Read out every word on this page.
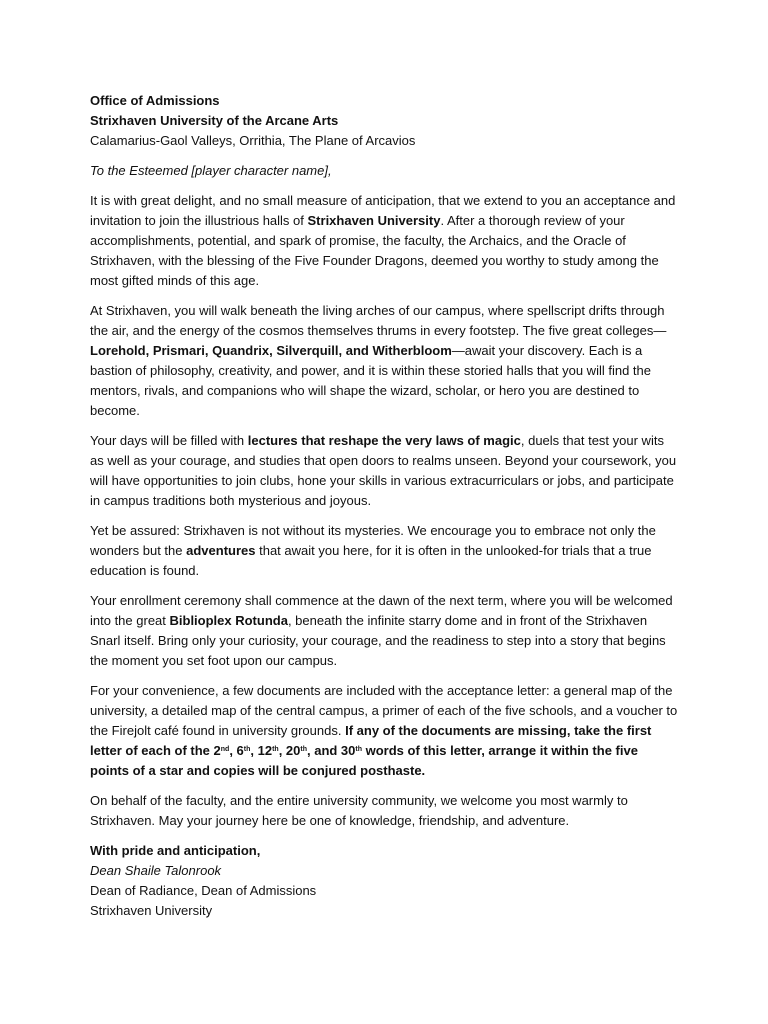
Office of Admissions
Strixhaven University of the Arcane Arts
Calamarius-Gaol Valleys, Orrithia, The Plane of Arcavios

To the Esteemed [player character name],

It is with great delight, and no small measure of anticipation, that we extend to you an acceptance and invitation to join the illustrious halls of Strixhaven University. After a thorough review of your accomplishments, potential, and spark of promise, the faculty, the Archaics, and the Oracle of Strixhaven, with the blessing of the Five Founder Dragons, deemed you worthy to study among the most gifted minds of this age.

At Strixhaven, you will walk beneath the living arches of our campus, where spellscript drifts through the air, and the energy of the cosmos themselves thrums in every footstep. The five great colleges—Lorehold, Prismari, Quandrix, Silverquill, and Witherbloom—await your discovery. Each is a bastion of philosophy, creativity, and power, and it is within these storied halls that you will find the mentors, rivals, and companions who will shape the wizard, scholar, or hero you are destined to become.

Your days will be filled with lectures that reshape the very laws of magic, duels that test your wits as well as your courage, and studies that open doors to realms unseen. Beyond your coursework, you will have opportunities to join clubs, hone your skills in various extracurriculars or jobs, and participate in campus traditions both mysterious and joyous.

Yet be assured: Strixhaven is not without its mysteries. We encourage you to embrace not only the wonders but the adventures that await you here, for it is often in the unlooked-for trials that a true education is found.

Your enrollment ceremony shall commence at the dawn of the next term, where you will be welcomed into the great Biblioplex Rotunda, beneath the infinite starry dome and in front of the Strixhaven Snarl itself. Bring only your curiosity, your courage, and the readiness to step into a story that begins the moment you set foot upon our campus.

For your convenience, a few documents are included with the acceptance letter: a general map of the university, a detailed map of the central campus, a primer of each of the five schools, and a voucher to the Firejolt café found in university grounds. If any of the documents are missing, take the first letter of each of the 2nd, 6th, 12th, 20th, and 30th words of this letter, arrange it within the five points of a star and copies will be conjured posthaste.

On behalf of the faculty, and the entire university community, we welcome you most warmly to Strixhaven. May your journey here be one of knowledge, friendship, and adventure.

With pride and anticipation,
Dean Shaile Talonrook
Dean of Radiance, Dean of Admissions
Strixhaven University
